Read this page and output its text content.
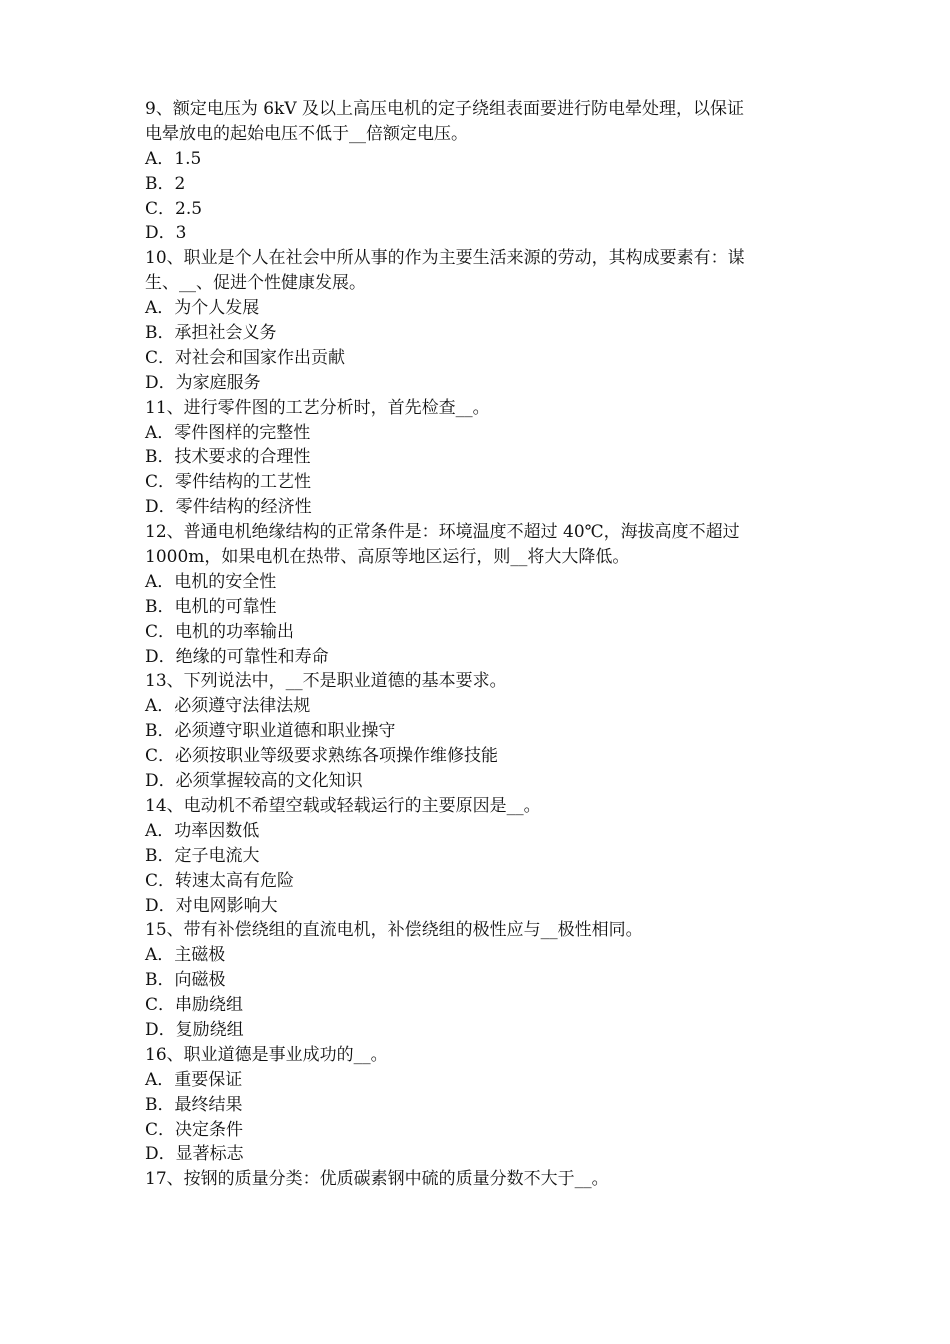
9、额定电压为 6kV 及以上高压电机的定子绕组表面要进行防电晕处理，以保证
电晕放电的起始电压不低于__倍额定电压。
A．1.5
B．2
C．2.5
D．3
10、职业是个人在社会中所从事的作为主要生活来源的劳动，其构成要素有：谋
生、__、促进个性健康发展。
A．为个人发展
B．承担社会义务
C．对社会和国家作出贡献
D．为家庭服务
11、进行零件图的工艺分析时，首先检查__。
A．零件图样的完整性
B．技术要求的合理性
C．零件结构的工艺性
D．零件结构的经济性
12、普通电机绝缘结构的正常条件是：环境温度不超过 40℃，海拔高度不超过
1000m，如果电机在热带、高原等地区运行，则__将大大降低。
A．电机的安全性
B．电机的可靠性
C．电机的功率输出
D．绝缘的可靠性和寿命
13、下列说法中，__不是职业道德的基本要求。
A．必须遵守法律法规
B．必须遵守职业道德和职业操守
C．必须按职业等级要求熟练各项操作维修技能
D．必须掌握较高的文化知识
14、电动机不希望空载或轻载运行的主要原因是__。
A．功率因数低
B．定子电流大
C．转速太高有危险
D．对电网影响大
15、带有补偿绕组的直流电机，补偿绕组的极性应与__极性相同。
A．主磁极
B．向磁极
C．串励绕组
D．复励绕组
16、职业道德是事业成功的__。
A．重要保证
B．最终结果
C．决定条件
D．显著标志
17、按钢的质量分类：优质碳素钢中硫的质量分数不大于__。
